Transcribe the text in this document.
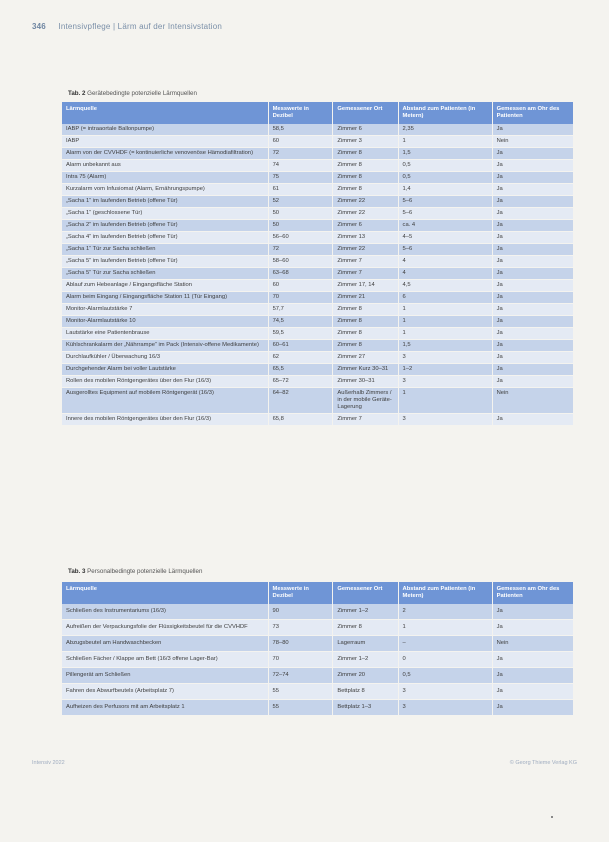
346 Intensivpflege | Lärm auf der Intensivstation
Tab. 2 Gerätebedingte potenzielle Lärmquellen
Lärmquelle	Messwerte in Dezibel	Gemessener Ort	Abstand zum Patienten (in Metern)	Gemessen am Ohr des Patienten
IABP (= intraaortale Ballonpumpe)	58,5	Zimmer 6	2,35	Ja
IABP	60	Zimmer 3	1	Nein
Alarm von der CVVHDF (= kontinuierliche venovenöse Hämodiafiltration)	72	Zimmer 8	1,5	Ja
Alarm unbekannt aus	74	Zimmer 8	0,5	Ja
Intra 75 (Alarm)	75	Zimmer 8	0,5	Ja
Kurzalarm vom Infusiomat (Alarm, Ernährungspumpe)	61	Zimmer 8	1,4	Ja
„Sacha 1“ im laufenden Betrieb (offene Tür)	52	Zimmer 22	5–6	Ja
„Sacha 1“ (geschlossene Tür)	50	Zimmer 22	5–6	Ja
„Sacha 2“ im laufenden Betrieb (offene Tür)	50	Zimmer 6	ca. 4	Ja
„Sacha 4“ im laufenden Betrieb (offene Tür)	56–60	Zimmer 13	4–5	Ja
„Sacha 1“ Tür zur Sacha schließen	72	Zimmer 22	5–6	Ja
„Sacha 5“ im laufenden Betrieb (offene Tür)	58–60	Zimmer 7	4	Ja
„Sacha 5“ Tür zur Sacha schließen	63–68	Zimmer 7	4	Ja
Ablauf zum Hebeanlage / Eingangsfläche Station	60	Zimmer 17, 14	4,5	Ja
Alarm beim Eingang / Eingangsfläche Station 11 (Tür Eingang)	70	Zimmer 21	6	Ja
Monitor-Alarmlautstärke 7	57,7	Zimmer 8	1	Ja
Monitor-Alarmlautstärke 10	74,5	Zimmer 8	1	Ja
Lautstärke eine Patientenbrause	59,5	Zimmer 8	1	Ja
Kühlschrankalarm der „Nährrampe“ im Pack (Intensiv-offene Medikamente)	60–61	Zimmer 8	1,5	Ja
Durchlaufkühler / Überwachung 16/3	62	Zimmer 27	3	Ja
Durchgehender Alarm bei voller Lautstärke	65,5	Zimmer Kurz 30–31	1–2	Ja
Rollen des mobilen Röntgengerätes über den Flur (16/3)	65–72	Zimmer 30–31	3	Ja
Ausgerolltes Equipment auf mobilem Röntgengerät (16/3)	64–82	Außerhalb Zimmers / in der mobile Geräte-Lagerung	1	Nein
Innere des mobilen Röntgengerätes über den Flur (16/3)	65,8	Zimmer 7	3	Ja
Tab. 3 Personalbedingte potenzielle Lärmquellen
Lärmquelle	Messwerte in Dezibel	Gemessener Ort	Abstand zum Patienten (in Metern)	Gemessen am Ohr des Patienten
Schließen des Instrumentariums (16/3)	90	Zimmer 1–2	2	Ja
Aufreißen der Verpackungsfolie der Flüssigkeitsbeutel für die CVVHDF	73	Zimmer 8	1	Ja
Abzugsbeutel am Handwaschbecken	78–80	Lagerraum	–	Nein
Schließen Fächer / Klappe am Bett (16/3 offene Lager-Bar)	70	Zimmer 1–2	0	Ja
Pillengerät am Schließen	72–74	Zimmer 20	0,5	Ja
Fahren des Abwurfbeutels (Arbeitsplatz 7)	55	Bettplatz 8	3	Ja
Aufheizen des Perfusors mit am Arbeitsplatz 1	55	Bettplatz 1–3	3	Ja
Intensiv 2022	© Georg Thieme Verlag KG
